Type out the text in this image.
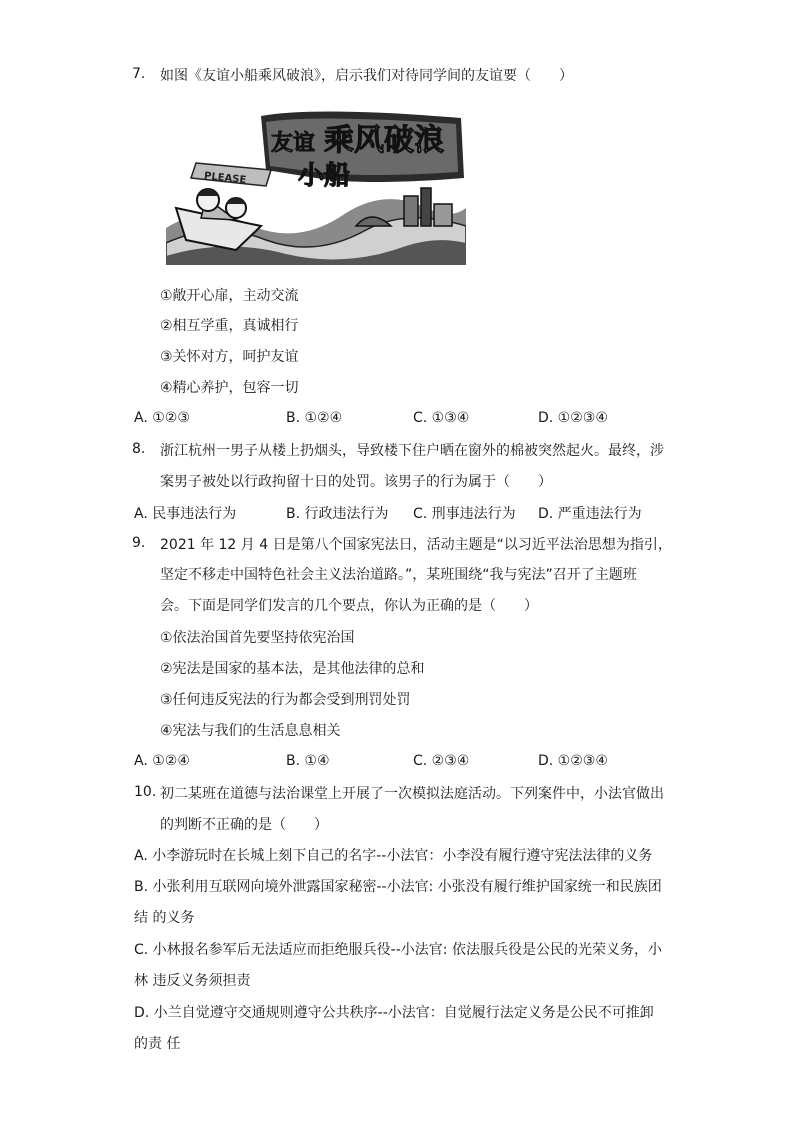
7. 如图《友谊小船乘风破浪》，启示我们对待同学间的友谊要（　　）
PLEASE
友谊 乘风破浪
小船
①敞开心扉，主动交流
②相互学重，真诚相行
③关怀对方，呵护友谊
④精心养护，包容一切
A. ①②③	B. ①②④	C. ①③④	D. ①②③④
8. 浙江杭州一男子从楼上扔烟头，导致楼下住户晒在窗外的棉被突然起火。最终，涉
案男子被处以行政拘留十日的处罚。该男子的行为属于（　　）
A. 民事违法行为	B. 行政违法行为 C. 刑事违法行为 D. 严重违法行为
9. 2021 年 12 月 4 日是第八个国家宪法日，活动主题是“以习近平法治思想为指引，
坚定不移走中国特色社会主义法治道路。”，某班围绕“我与宪法”召开了主题班
会。下面是同学们发言的几个要点，你认为正确的是（　　）
①依法治国首先要坚持依宪治国
②宪法是国家的基本法，是其他法律的总和
③任何违反宪法的行为都会受到刑罚处罚
④宪法与我们的生活息息相关
A. ①②④	B. ①④	C. ②③④	D. ①②③④
10. 初二某班在道德与法治课堂上开展了一次模拟法庭活动。下列案件中，小法官做出
的判断不正确的是（　　）
A. 小李游玩时在长城上刻下自己的名字--小法官：小李没有履行遵守宪法法律的义务
B. 小张利用互联网向境外泄露国家秘密--小法官: 小张没有履行维护国家统一和民族团
结 的义务
C. 小林报名参军后无法适应而拒绝服兵役--小法官: 依法服兵役是公民的光荣义务，小
林 违反义务须担责
D. 小兰自觉遵守交通规则遵守公共秩序--小法官：自觉履行法定义务是公民不可推卸
的责 任
